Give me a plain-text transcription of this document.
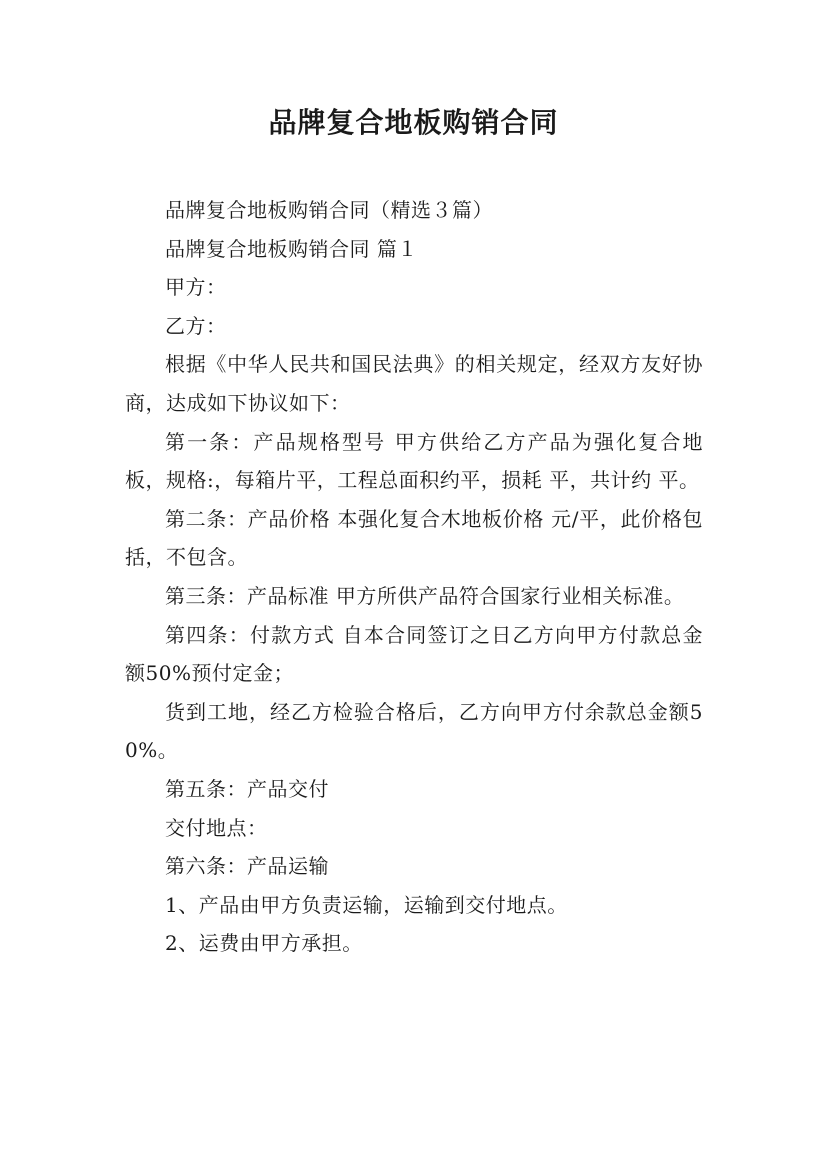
品牌复合地板购销合同

品牌复合地板购销合同（精选３篇）

品牌复合地板购销合同 篇１

甲方：

乙方：

根据《中华人民共和国民法典》的相关规定，经双方友好协商，达成如下协议如下：

第一条：产品规格型号 甲方供给乙方产品为强化复合地板，规格:，每箱片平，工程总面积约平，损耗 平，共计约 平。

第二条：产品价格 本强化复合木地板价格 元/平，此价格包括，不包含。

第三条：产品标准 甲方所供产品符合国家行业相关标准。

第四条：付款方式 自本合同签订之日乙方向甲方付款总金额50%预付定金；

货到工地，经乙方检验合格后，乙方向甲方付余款总金额50%。

第五条：产品交付

交付地点：

第六条：产品运输

1、产品由甲方负责运输，运输到交付地点。

2、运费由甲方承担。
